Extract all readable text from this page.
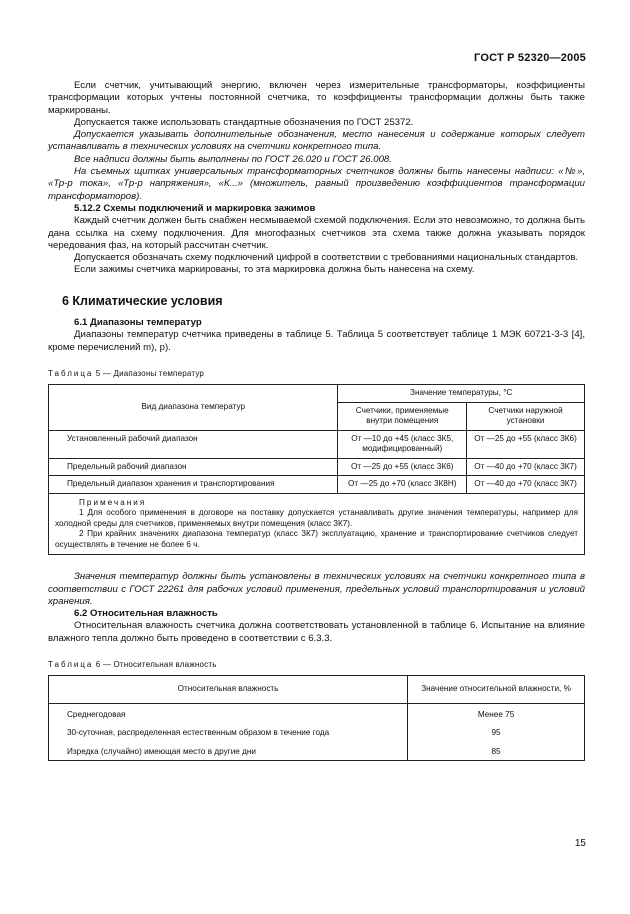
ГОСТ Р 52320—2005

Если счетчик, учитывающий энергию, включен через измерительные трансформаторы, коэффициенты трансформации которых учтены постоянной счетчика, то коэффициенты трансформации должны быть также маркированы.

Допускается также использовать стандартные обозначения по ГОСТ 25372.

Допускается указывать дополнительные обозначения, место нанесения и содержание которых следует устанавливать в технических условиях на счетчики конкретного типа.

Все надписи должны быть выполнены по ГОСТ 26.020 и ГОСТ 26.008.

На съемных щитках универсальных трансформаторных счетчиков должны быть нанесены надписи: «№», «Тр-р тока», «Тр-р напряжения», «К...» (множитель, равный произведению коэффициентов трансформации трансформаторов).

5.12.2 Схемы подключений и маркировка зажимов

Каждый счетчик должен быть снабжен несмываемой схемой подключения. Если это невозможно, то должна быть дана ссылка на схему подключения. Для многофазных счетчиков эта схема также должна указывать порядок чередования фаз, на который рассчитан счетчик.

Допускается обозначать схему подключений цифрой в соответствии с требованиями национальных стандартов.

Если зажимы счетчика маркированы, то эта маркировка должна быть нанесена на схему.

6 Климатические условия

6.1 Диапазоны температур

Диапазоны температур счетчика приведены в таблице 5. Таблица 5 соответствует таблице 1 МЭК 60721-3-3 [4], кроме перечислений m), p).

Таблица 5 — Диапазоны температур
Вид диапазона температур	Значение температуры, °С	
	Счетчики, применяемые внутри помещения	Счетчики наружной установки
Установленный рабочий диапазон	От —10 до +45 (класс 3К5, модифицированный)	От —25 до +55 (класс 3К6)
Предельный рабочий диапазон	От —25 до +55 (класс 3К6)	От —40 до +70 (класс 3К7)
Предельный диапазон хранения и транспортирования	От —25 до +70 (класс 3К8Н)	От —40 до +70 (класс 3К7)

Примечания

1 Для особого применения в договоре на поставку допускается устанавливать другие значения температуры, например для холодной среды для счетчиков, применяемых внутри помещения (класс 3К7).

2 При крайних значениях диапазона температур (класс 3К7) эксплуатацию, хранение и транспортирование счетчиков следует осуществлять в течение не более 6 ч.		

Значения температур должны быть установлены в технических условиях на счетчики конкретного типа в соответствии с ГОСТ 22261 для рабочих условий применения, предельных условий транспортирования и условий хранения.

6.2 Относительная влажность

Относительная влажность счетчика должна соответствовать установленной в таблице 6. Испытание на влияние влажного тепла должно быть проведено в соответствии с 6.3.3.

Таблица 6 — Относительная влажность
Относительная влажность	Значение относительной влажности, %
Среднегодовая	Менее 75
30-суточная, распределенная естественным образом в течение года	95
Изредка (случайно) имеющая место в другие дни	85
15
